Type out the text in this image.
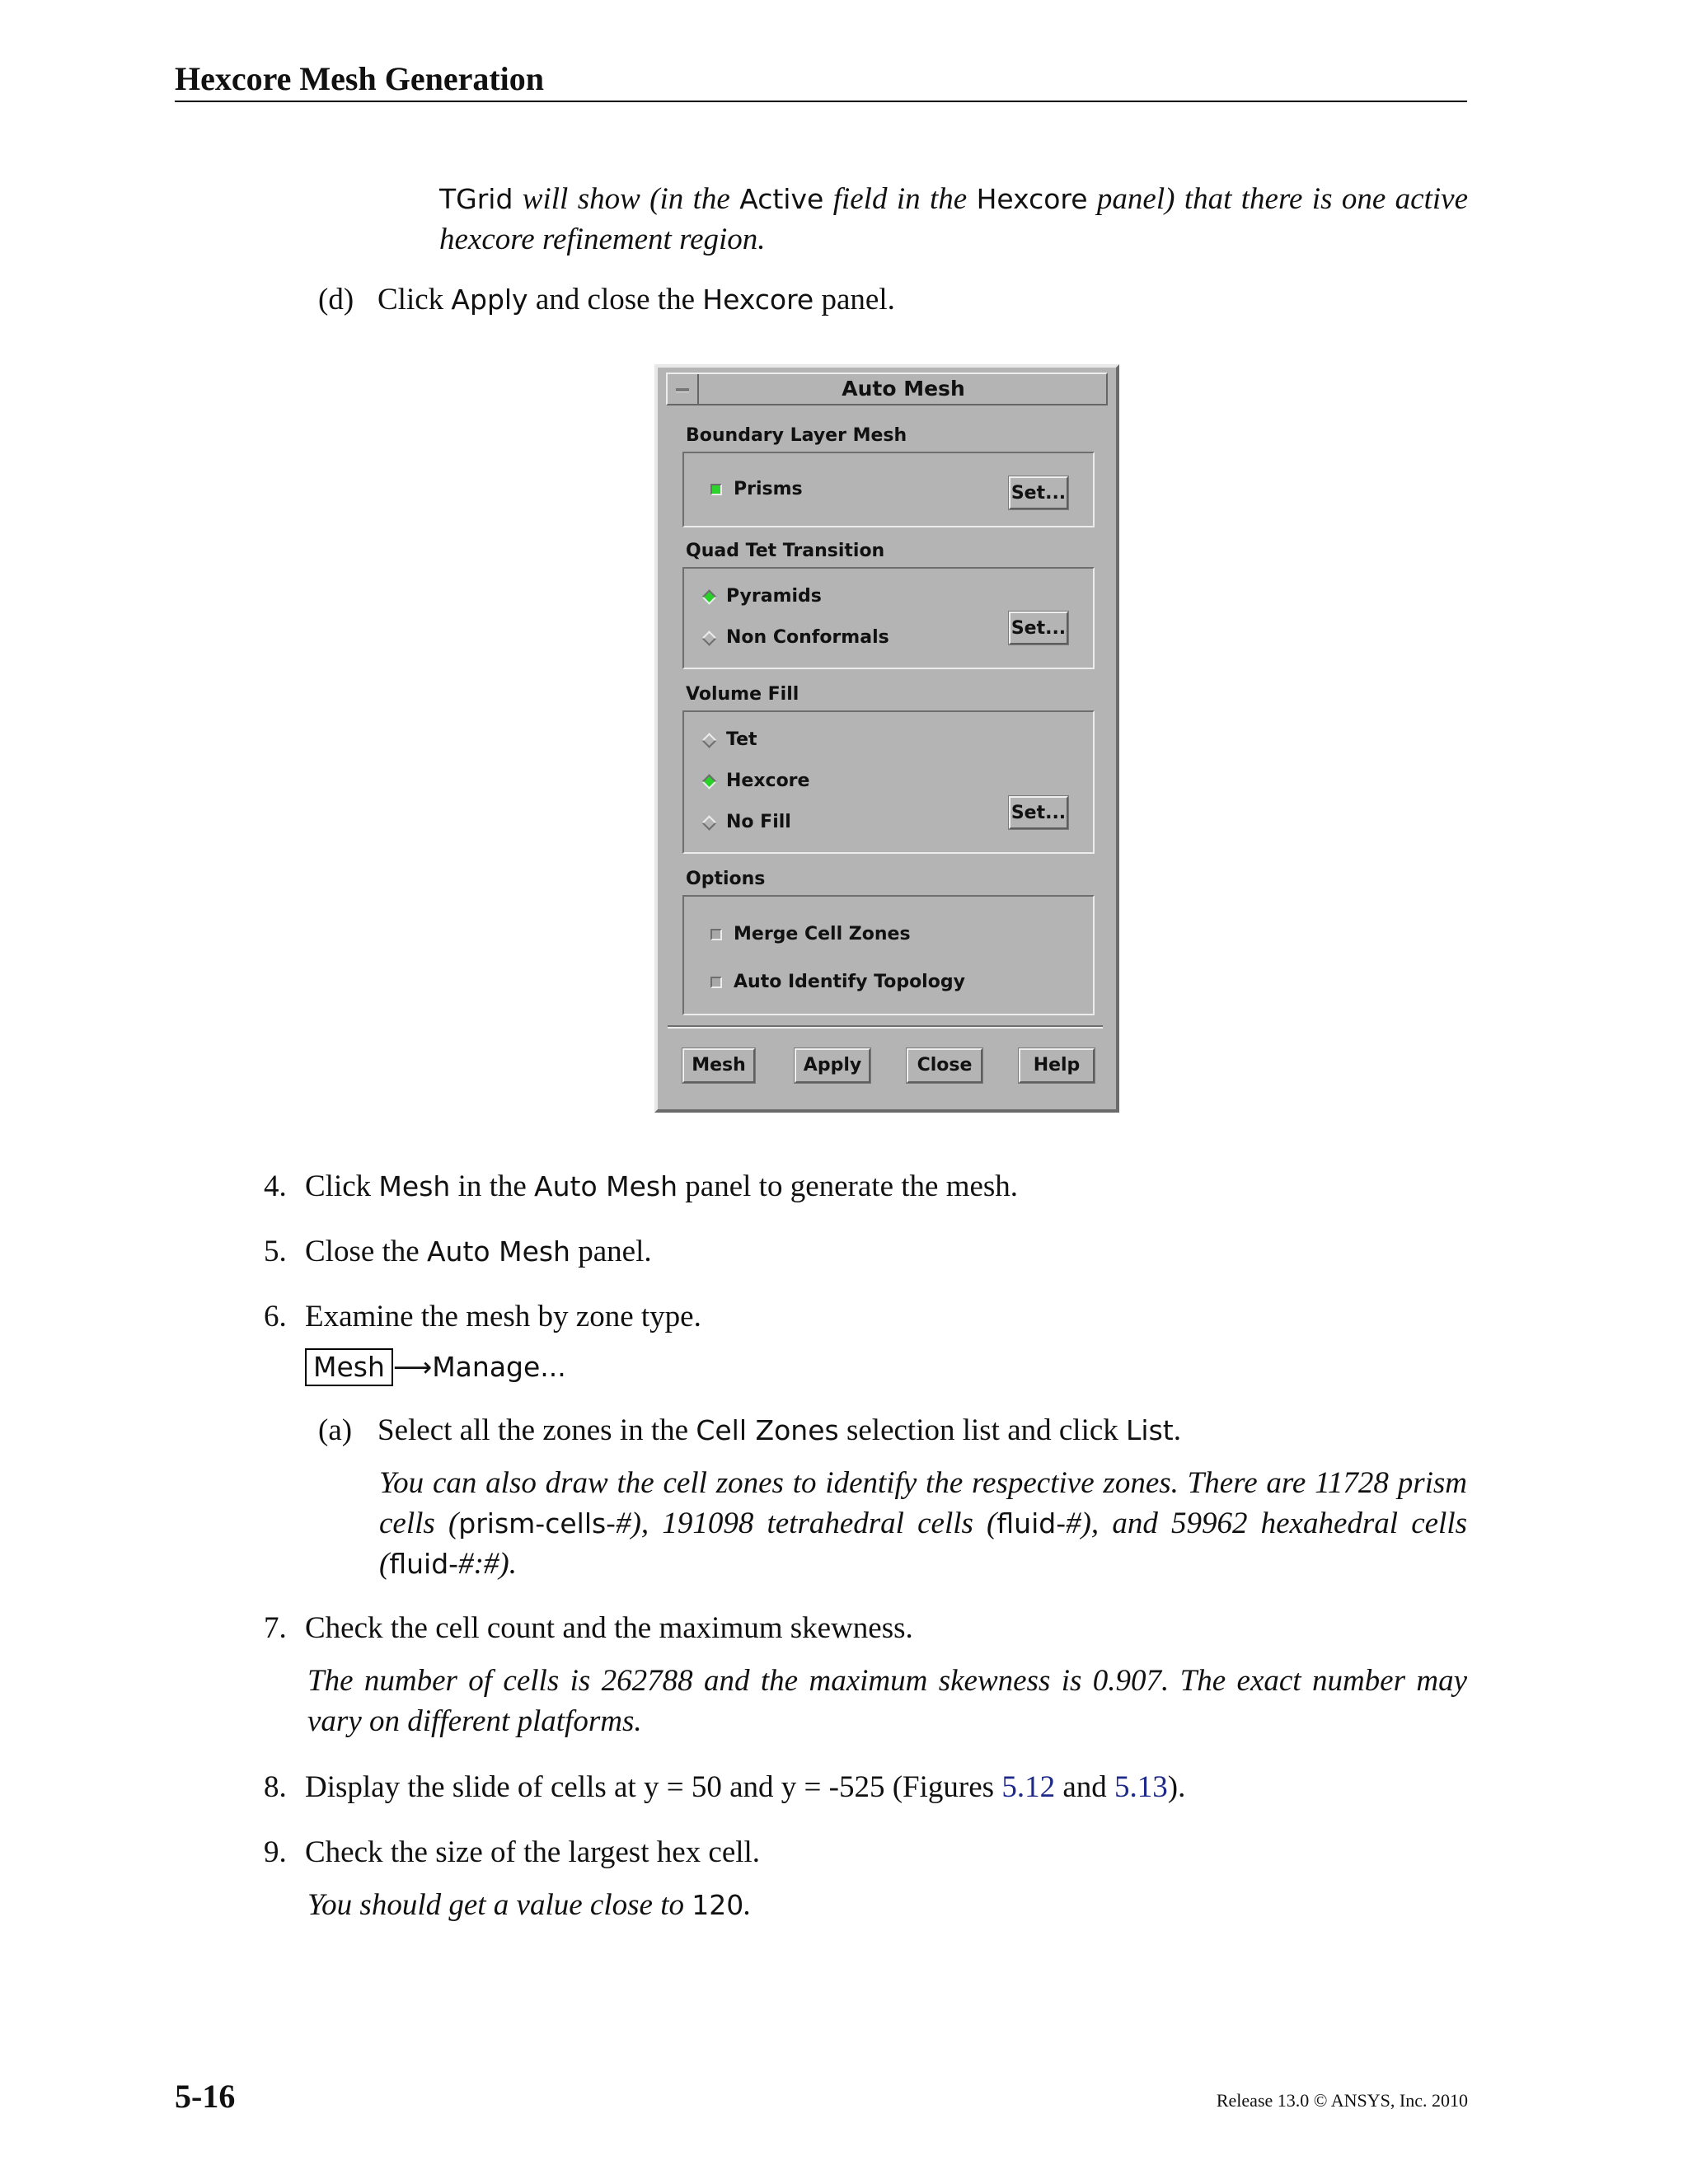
Hexcore Mesh Generation
TGrid will show (in the Active field in the Hexcore panel) that there is one active hexcore refinement region.
(d) Click Apply and close the Hexcore panel.
Auto Mesh
Boundary Layer Mesh
Prisms	Set...
Quad Tet Transition
Pyramids
Non Conformals	Set...
Volume Fill
Tet
Hexcore
No Fill	Set...
Options
Merge Cell Zones
Auto Identify Topology
Mesh	Apply	Close	Help
4. Click Mesh in the Auto Mesh panel to generate the mesh.
5. Close the Auto Mesh panel.
6. Examine the mesh by zone type.
Mesh ⟶Manage...
(a) Select all the zones in the Cell Zones selection list and click List.
You can also draw the cell zones to identify the respective zones. There are 11728 prism cells (prism-cells-#), 191098 tetrahedral cells (fluid-#), and 59962 hexahedral cells (fluid-#:#).
7. Check the cell count and the maximum skewness.
The number of cells is 262788 and the maximum skewness is 0.907. The exact number may vary on different platforms.
8. Display the slide of cells at y = 50 and y = -525 (Figures 5.12 and 5.13).
9. Check the size of the largest hex cell.
You should get a value close to 120.
5-16	Release 13.0 © ANSYS, Inc. 2010
